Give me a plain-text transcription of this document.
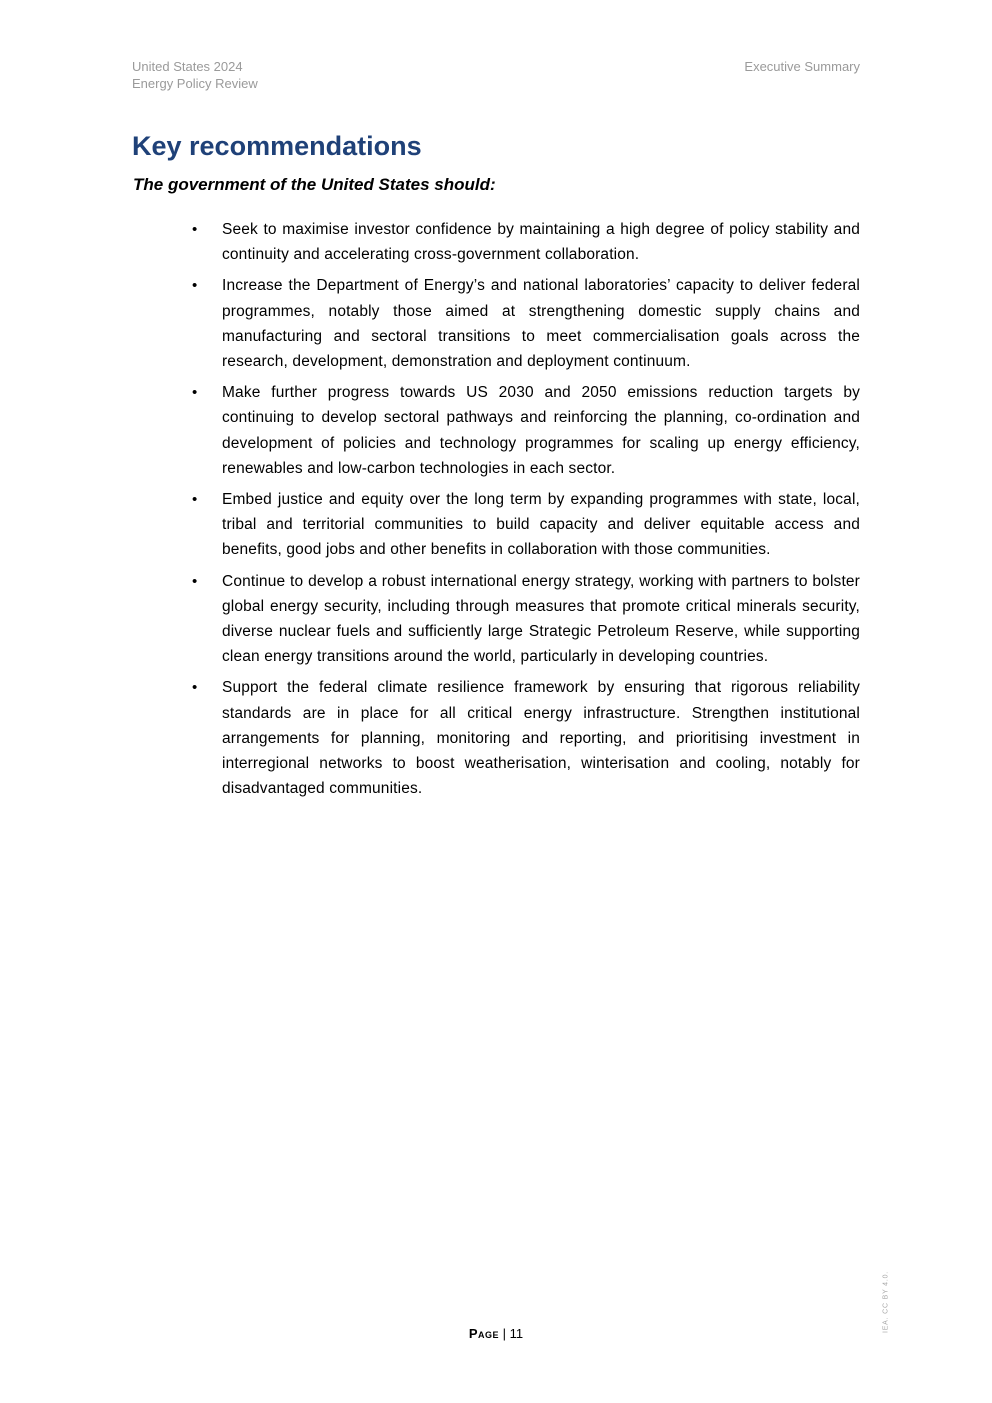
United States 2024
Energy Policy Review
Executive Summary
Key recommendations

The government of the United States should:

• Seek to maximise investor confidence by maintaining a high degree of policy stability and continuity and accelerating cross-government collaboration.
• Increase the Department of Energy’s and national laboratories’ capacity to deliver federal programmes, notably those aimed at strengthening domestic supply chains and manufacturing and sectoral transitions to meet commercialisation goals across the research, development, demonstration and deployment continuum.
• Make further progress towards US 2030 and 2050 emissions reduction targets by continuing to develop sectoral pathways and reinforcing the planning, co-ordination and development of policies and technology programmes for scaling up energy efficiency, renewables and low-carbon technologies in each sector.
• Embed justice and equity over the long term by expanding programmes with state, local, tribal and territorial communities to build capacity and deliver equitable access and benefits, good jobs and other benefits in collaboration with those communities.
• Continue to develop a robust international energy strategy, working with partners to bolster global energy security, including through measures that promote critical minerals security, diverse nuclear fuels and sufficiently large Strategic Petroleum Reserve, while supporting clean energy transitions around the world, particularly in developing countries.
• Support the federal climate resilience framework by ensuring that rigorous reliability standards are in place for all critical energy infrastructure. Strengthen institutional arrangements for planning, monitoring and reporting, and prioritising investment in interregional networks to boost weatherisation, winterisation and cooling, notably for disadvantaged communities.
Page | 11
IEA. CC BY 4.0.
